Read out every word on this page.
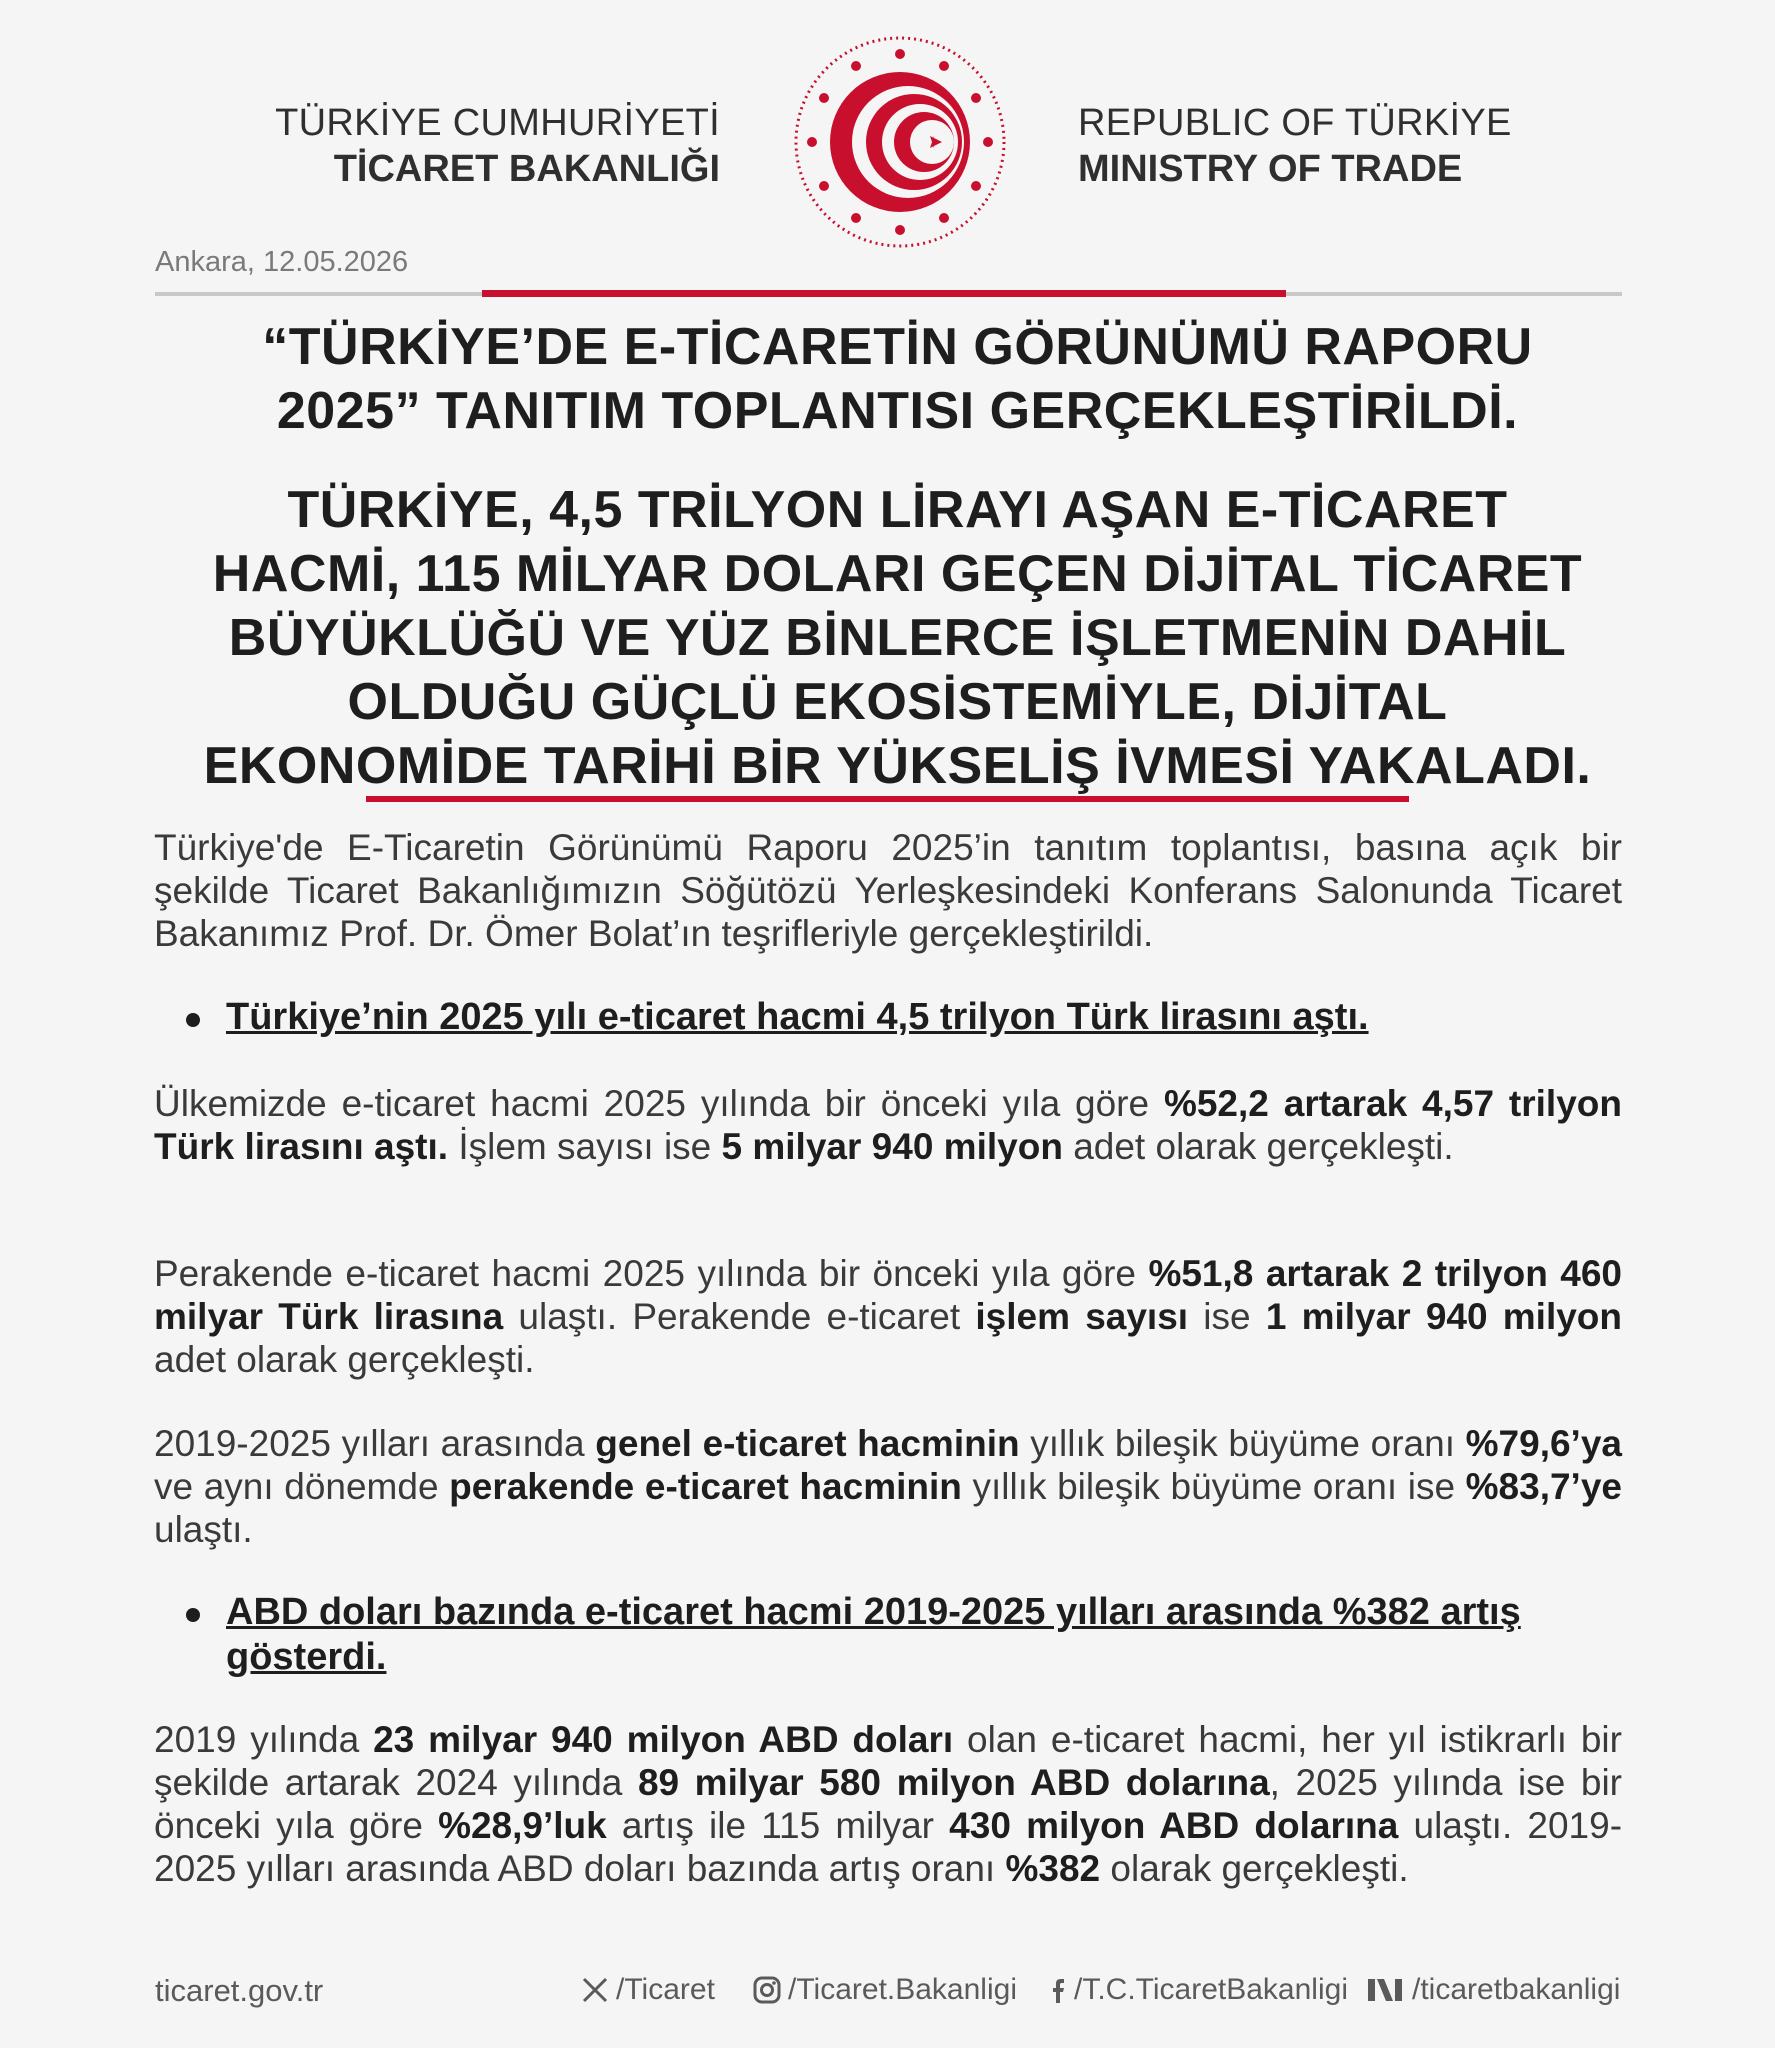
TÜRKİYE CUMHURİYETİ
TİCARET BAKANLIĞI
REPUBLIC OF TÜRKİYE
MINISTRY OF TRADE
Ankara, 12.05.2026
“TÜRKİYE’DE E-TİCARETİN GÖRÜNÜMÜ RAPORU
2025” TANITIM TOPLANTISI GERÇEKLEŞTİRİLDİ.
TÜRKİYE, 4,5 TRİLYON LİRAYI AŞAN E-TİCARET
HACMİ, 115 MİLYAR DOLARI GEÇEN DİJİTAL TİCARET
BÜYÜKLÜĞÜ VE YÜZ BİNLERCE İŞLETMENİN DAHİL
OLDUĞU GÜÇLÜ EKOSİSTEMİYLE, DİJİTAL
EKONOMİDE TARİHİ BİR YÜKSELİŞ İVMESİ YAKALADI.

Türkiye'de E-Ticaretin Görünümü Raporu 2025’in tanıtım toplantısı, basına açık bir şekilde Ticaret Bakanlığımızın Söğütözü Yerleşkesindeki Konferans Salonunda Ticaret Bakanımız Prof. Dr. Ömer Bolat’ın teşrifleriyle gerçekleştirildi.

Türkiye’nin 2025 yılı e-ticaret hacmi 4,5 trilyon Türk lirasını aştı.

Ülkemizde e-ticaret hacmi 2025 yılında bir önceki yıla göre %52,2 artarak 4,57 trilyon Türk lirasını aştı. İşlem sayısı ise 5 milyar 940 milyon adet olarak gerçekleşti.

Perakende e-ticaret hacmi 2025 yılında bir önceki yıla göre %51,8 artarak 2 trilyon 460 milyar Türk lirasına ulaştı. Perakende e-ticaret işlem sayısı ise 1 milyar 940 milyon adet olarak gerçekleşti.

2019-2025 yılları arasında genel e-ticaret hacminin yıllık bileşik büyüme oranı %79,6’ya ve aynı dönemde perakende e-ticaret hacminin yıllık bileşik büyüme oranı ise %83,7’ye ulaştı.

ABD doları bazında e-ticaret hacmi 2019-2025 yılları arasında %382 artış gösterdi.

2019 yılında 23 milyar 940 milyon ABD doları olan e-ticaret hacmi, her yıl istikrarlı bir şekilde artarak 2024 yılında 89 milyar 580 milyon ABD dolarına, 2025 yılında ise bir önceki yıla göre %28,9’luk artış ile 115 milyar 430 milyon ABD dolarına ulaştı. 2019-2025 yılları arasında ABD doları bazında artış oranı %382 olarak gerçekleşti.

ticaret.gov.tr	/Ticaret /Ticaret.Bakanligi /T.C.TicaretBakanligi /ticaretbakanligi
